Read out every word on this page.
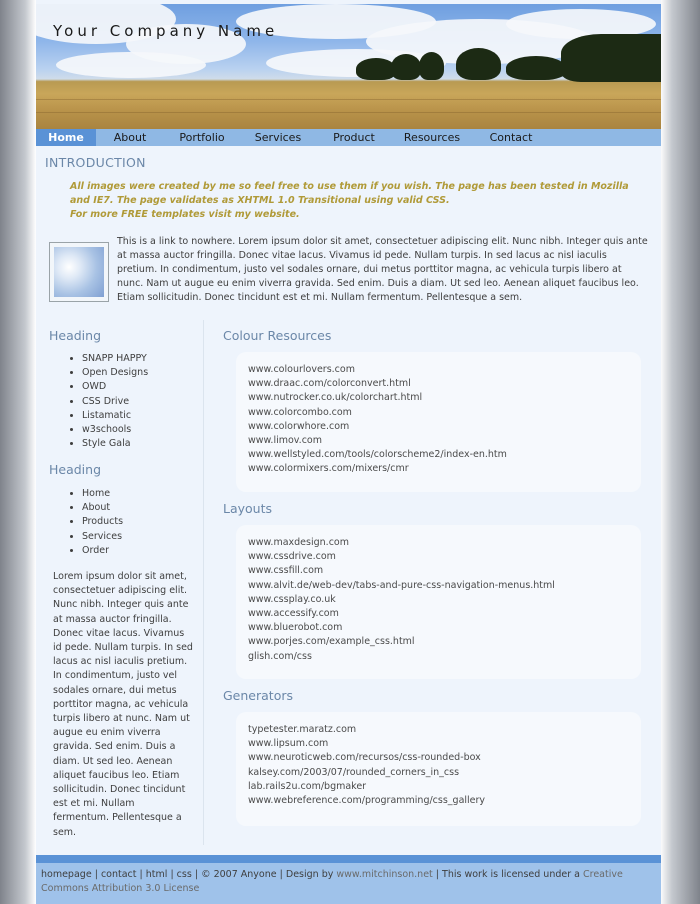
Your Company Name
Home	About	Portfolio	Services	Product	Resources	Contact
INTRODUCTION
All images were created by me so feel free to use them if you wish. The page has been tested in Mozilla and IE7. The page validates as XHTML 1.0 Transitional using valid CSS.
For more FREE templates visit my website.
This is a link to nowhere. Lorem ipsum dolor sit amet, consectetuer adipiscing elit. Nunc nibh. Integer quis ante at massa auctor fringilla. Donec vitae lacus. Vivamus id pede. Nullam turpis. In sed lacus ac nisl iaculis pretium. In condimentum, justo vel sodales ornare, dui metus porttitor magna, ac vehicula turpis libero at nunc. Nam ut augue eu enim viverra gravida. Sed enim. Duis a diam. Ut sed leo. Aenean aliquet faucibus leo. Etiam sollicitudin. Donec tincidunt est et mi. Nullam fermentum. Pellentesque a sem.
Heading
• SNAPP HAPPY
• Open Designs
• OWD
• CSS Drive
• Listamatic
• w3schools
• Style Gala
Heading
• Home
• About
• Products
• Services
• Order
Lorem ipsum dolor sit amet, consectetuer adipiscing elit. Nunc nibh. Integer quis ante at massa auctor fringilla. Donec vitae lacus. Vivamus id pede. Nullam turpis. In sed lacus ac nisl iaculis pretium. In condimentum, justo vel sodales ornare, dui metus porttitor magna, ac vehicula turpis libero at nunc. Nam ut augue eu enim viverra gravida. Sed enim. Duis a diam. Ut sed leo. Aenean aliquet faucibus leo. Etiam sollicitudin. Donec tincidunt est et mi. Nullam fermentum. Pellentesque a sem.
Colour Resources
www.colourlovers.com
www.draac.com/colorconvert.html
www.nutrocker.co.uk/colorchart.html
www.colorcombo.com
www.colorwhore.com
www.limov.com
www.wellstyled.com/tools/colorscheme2/index-en.htm
www.colormixers.com/mixers/cmr
Layouts
www.maxdesign.com
www.cssdrive.com
www.cssfill.com
www.alvit.de/web-dev/tabs-and-pure-css-navigation-menus.html
www.cssplay.co.uk
www.accessify.com
www.bluerobot.com
www.porjes.com/example_css.html
glish.com/css
Generators
typetester.maratz.com
www.lipsum.com
www.neuroticweb.com/recursos/css-rounded-box
kalsey.com/2003/07/rounded_corners_in_css
lab.rails2u.com/bgmaker
www.webreference.com/programming/css_gallery
homepage | contact | html | css | © 2007 Anyone | Design by www.mitchinson.net | This work is licensed under a Creative Commons Attribution 3.0 License
